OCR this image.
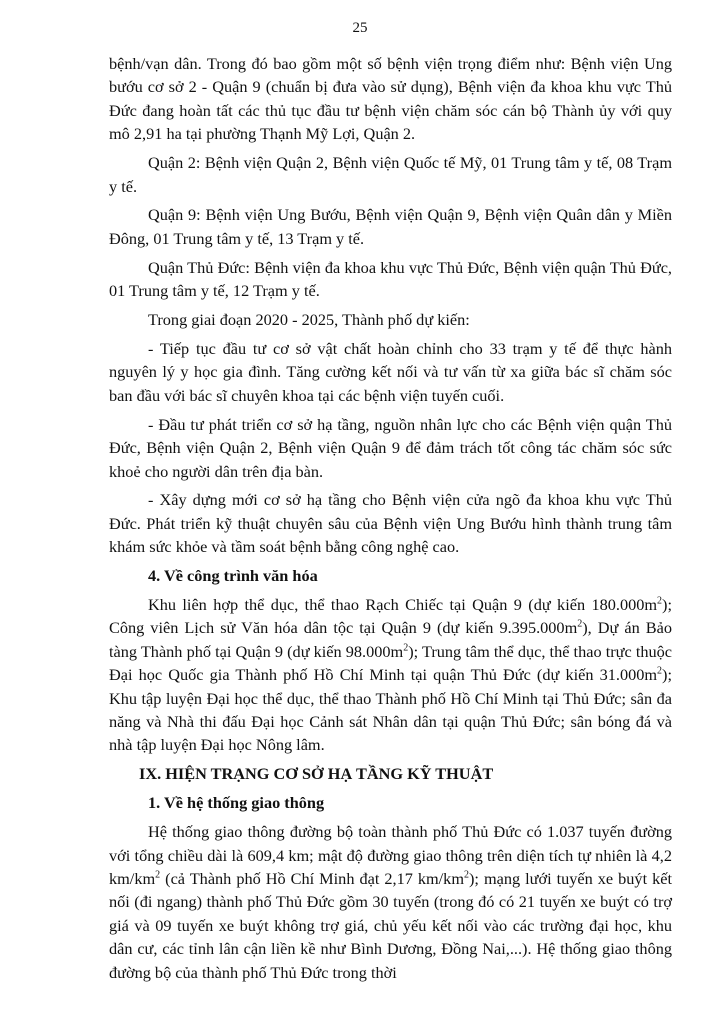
25

bệnh/vạn dân. Trong đó bao gồm một số bệnh viện trọng điểm như: Bệnh viện Ung bướu cơ sở 2 - Quận 9 (chuẩn bị đưa vào sử dụng), Bệnh viện đa khoa khu vực Thủ Đức đang hoàn tất các thủ tục đầu tư bệnh viện chăm sóc cán bộ Thành ủy với quy mô 2,91 ha tại phường Thạnh Mỹ Lợi, Quận 2.

Quận 2: Bệnh viện Quận 2, Bệnh viện Quốc tế Mỹ, 01 Trung tâm y tế, 08 Trạm y tế.

Quận 9: Bệnh viện Ung Bướu, Bệnh viện Quận 9, Bệnh viện Quân dân y Miền Đông, 01 Trung tâm y tế, 13 Trạm y tế.

Quận Thủ Đức: Bệnh viện đa khoa khu vực Thủ Đức, Bệnh viện quận Thủ Đức, 01 Trung tâm y tế, 12 Trạm y tế.

Trong giai đoạn 2020 - 2025, Thành phố dự kiến:

- Tiếp tục đầu tư cơ sở vật chất hoàn chỉnh cho 33 trạm y tế để thực hành nguyên lý y học gia đình. Tăng cường kết nối và tư vấn từ xa giữa bác sĩ chăm sóc ban đầu với bác sĩ chuyên khoa tại các bệnh viện tuyến cuối.

- Đầu tư phát triển cơ sở hạ tầng, nguồn nhân lực cho các Bệnh viện quận Thủ Đức, Bệnh viện Quận 2, Bệnh viện Quận 9 để đảm trách tốt công tác chăm sóc sức khoẻ cho người dân trên địa bàn.

- Xây dựng mới cơ sở hạ tầng cho Bệnh viện cửa ngõ đa khoa khu vực Thủ Đức. Phát triển kỹ thuật chuyên sâu của Bệnh viện Ung Bướu hình thành trung tâm khám sức khỏe và tầm soát bệnh bằng công nghệ cao.

4. Về công trình văn hóa

Khu liên hợp thể dục, thể thao Rạch Chiếc tại Quận 9 (dự kiến $180.000m^2$); Công viên Lịch sử Văn hóa dân tộc tại Quận 9 (dự kiến $9.395.000m^2$), Dự án Bảo tàng Thành phố tại Quận 9 (dự kiến $98.000m^2$); Trung tâm thể dục, thể thao trực thuộc Đại học Quốc gia Thành phố Hồ Chí Minh tại quận Thủ Đức (dự kiến $31.000m^2$); Khu tập luyện Đại học thể dục, thể thao Thành phố Hồ Chí Minh tại Thủ Đức; sân đa năng và Nhà thi đấu Đại học Cảnh sát Nhân dân tại quận Thủ Đức; sân bóng đá và nhà tập luyện Đại học Nông lâm.

IX. HIỆN TRẠNG CƠ SỞ HẠ TẦNG KỸ THUẬT
1. Về hệ thống giao thông

Hệ thống giao thông đường bộ toàn thành phố Thủ Đức có 1.037 tuyến đường với tổng chiều dài là 609,4 km; mật độ đường giao thông trên diện tích tự nhiên là 4,2 $km/km^2$ (cả Thành phố Hồ Chí Minh đạt 2,17 $km/km^2$); mạng lưới tuyến xe buýt kết nối (đi ngang) thành phố Thủ Đức gồm 30 tuyến (trong đó có 21 tuyến xe buýt có trợ giá và 09 tuyến xe buýt không trợ giá, chủ yếu kết nối vào các trường đại học, khu dân cư, các tỉnh lân cận liền kề như Bình Dương, Đồng Nai,...). Hệ thống giao thông đường bộ của thành phố Thủ Đức trong thời
